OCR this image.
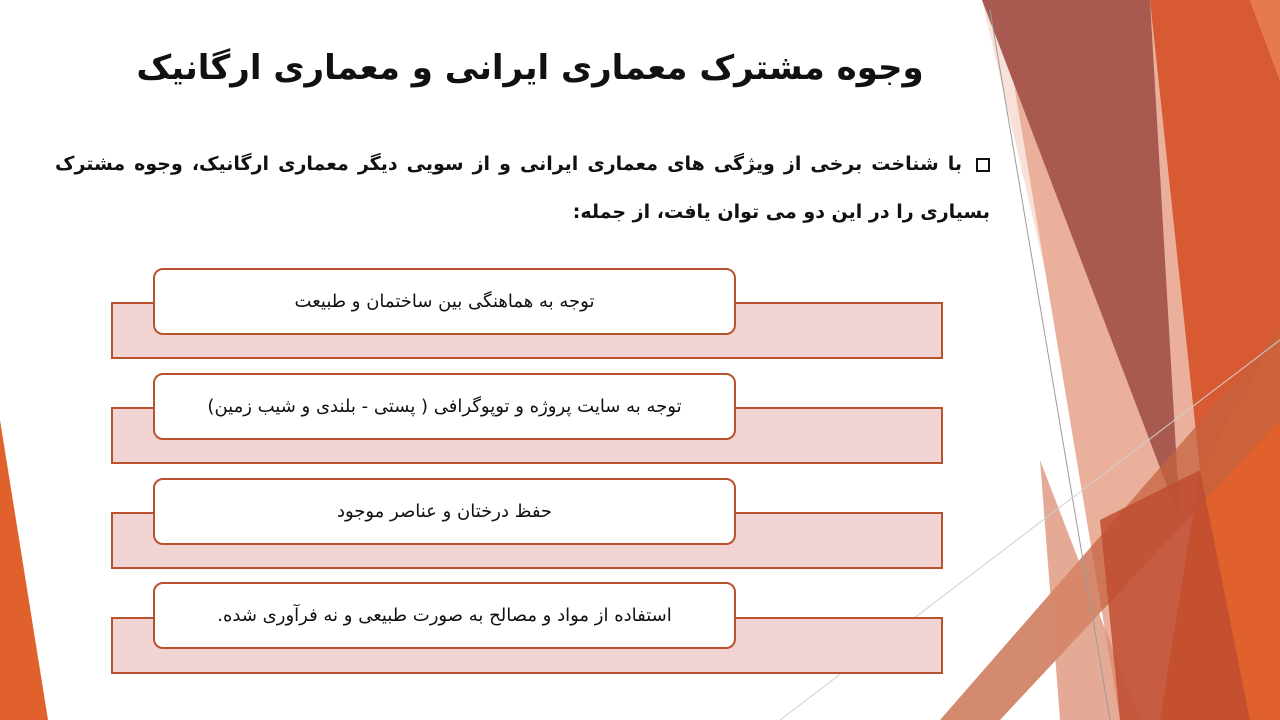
وجوه مشترک معماری ایرانی و معماری ارگانیک
با شناخت برخی از ویژگی های معماری ایرانی و از سویی دیگر معماری ارگانیک، وجوه مشترک بسیاری را در این دو می توان یافت، از جمله:
توجه به هماهنگی بین ساختمان و طبیعت
توجه به سایت پروژه و توپوگرافی ( پستی - بلندی و شیب زمین)
حفظ درختان و عناصر موجود
استفاده از مواد و مصالح به صورت طبیعی و نه فرآوری شده.
